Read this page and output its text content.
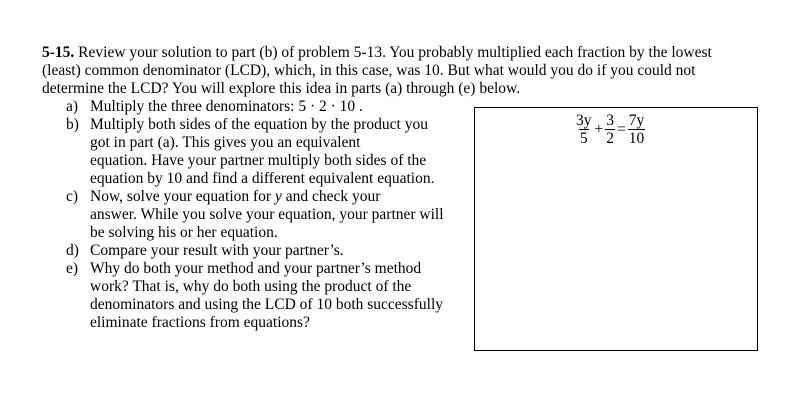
5-15. Review your solution to part (b) of problem 5-13. You probably multiplied each fraction by the lowest
(least) common denominator (LCD), which, in this case, was 10. But what would you do if you could not
determine the LCD? You will explore this idea in parts (a) through (e) below.
a) Multiply the three denominators: 5 · 2 · 10 .
b) Multiply both sides of the equation by the product you
got in part (a). This gives you an equivalent
equation. Have your partner multiply both sides of the
equation by 10 and find a different equivalent equation.
c) Now, solve your equation for y and check your
answer. While you solve your equation, your partner will
be solving his or her equation.
d) Compare your result with your partner’s.
e) Why do both your method and your partner’s method
work? That is, why do both using the product of the
denominators and using the LCD of 10 both successfully
eliminate fractions from equations?
$\frac{3y}{5} + \frac{3}{2} = \frac{7y}{10}$
